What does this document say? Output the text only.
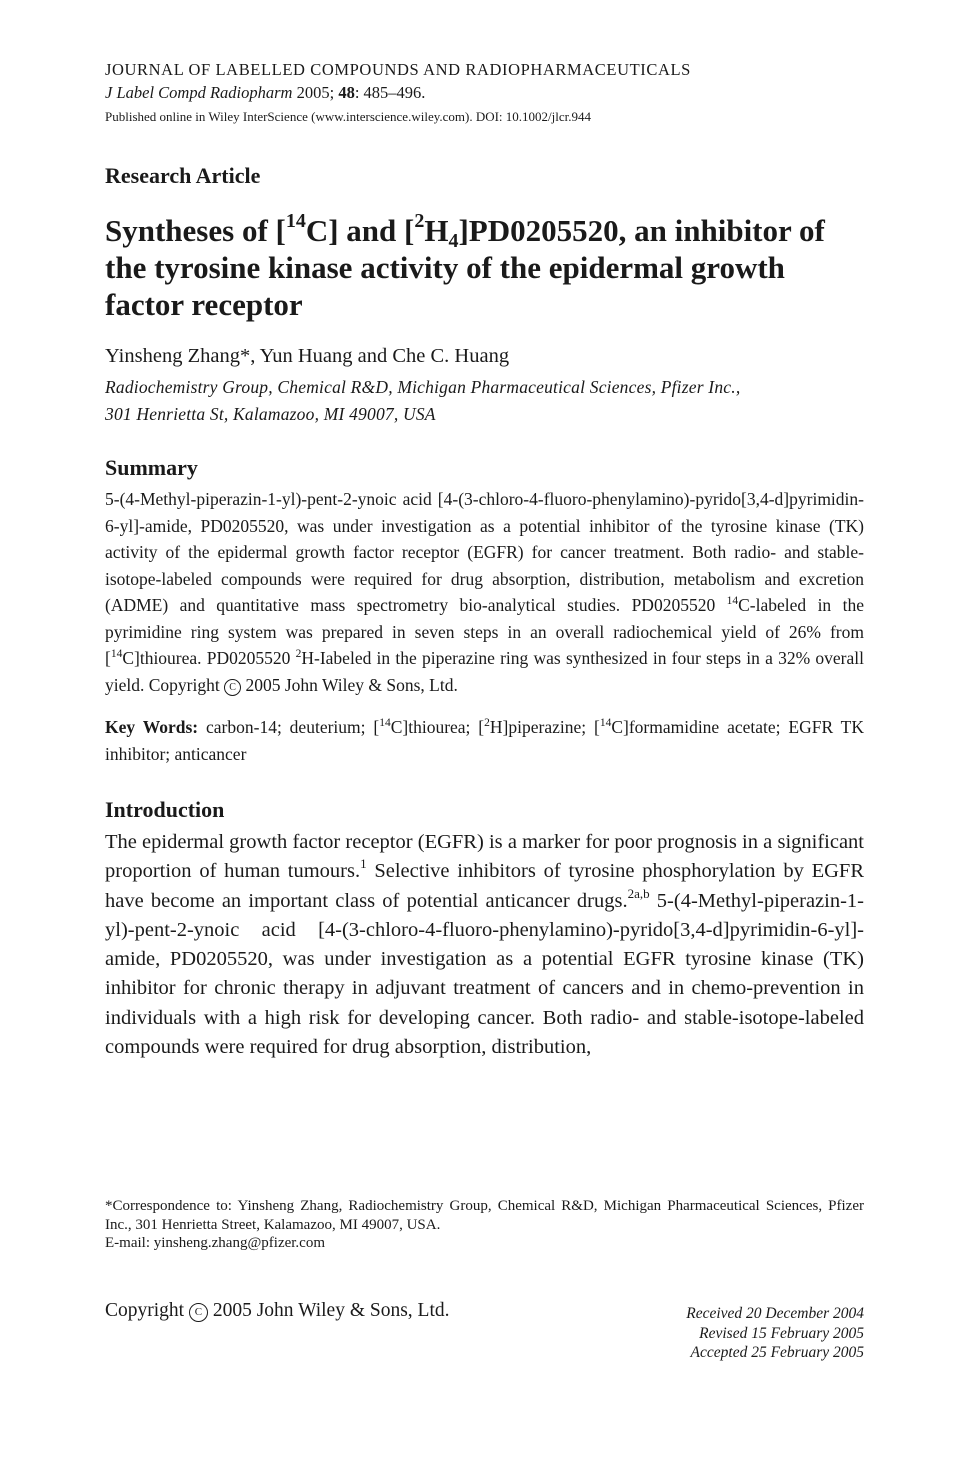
JOURNAL OF LABELLED COMPOUNDS AND RADIOPHARMACEUTICALS
J Label Compd Radiopharm 2005; 48: 485–496.
Published online in Wiley InterScience (www.interscience.wiley.com). DOI: 10.1002/jlcr.944
Research Article
Syntheses of [$^{14}$C] and $[^2H_4]PD0205520$, an inhibitor of the tyrosine kinase activity of the epidermal growth factor receptor
Yinsheng Zhang*, Yun Huang and Che C. Huang
Radiochemistry Group, Chemical R&D, Michigan Pharmaceutical Sciences, Pfizer Inc.,
301 Henrietta St, Kalamazoo, MI 49007, USA
Summary

5-(4-Methyl-piperazin-1-yl)-pent-2-ynoic acid [4-(3-chloro-4-fluoro-phenylamino)-pyrido[3,4-d]pyrimidin-6-yl]-amide, PD0205520, was under investigation as a potential inhibitor of the tyrosine kinase (TK) activity of the epidermal growth factor receptor (EGFR) for cancer treatment. Both radio- and stable-isotope-labeled compounds were required for drug absorption, distribution, metabolism and excretion (ADME) and quantitative mass spectrometry bio-analytical studies. PD0205520 $^{14}$C-labeled in the pyrimidine ring system was prepared in seven steps in an overall radiochemical yield of 26% from [$^{14}$C]thiourea. PD0205520 $^2$H-Iabeled in the piperazine ring was synthesized in four steps in a 32% overall yield. Copyright C 2005 John Wiley & Sons, Ltd.

Key Words: carbon-14; deuterium; [$^{14}$C]thiourea; [$^2$H]piperazine; [$^{14}$C]formamidine acetate; EGFR TK inhibitor; anticancer
Introduction

The epidermal growth factor receptor (EGFR) is a marker for poor prognosis in a significant proportion of human tumours.$^1$ Selective inhibitors of tyrosine phosphorylation by EGFR have become an important class of potential anticancer drugs.$^{2a,b}$ 5-(4-Methyl-piperazin-1-yl)-pent-2-ynoic acid [4-(3-chloro-4-fluoro-phenylamino)-pyrido[3,4-d]pyrimidin-6-yl]-amide, PD0205520, was under investigation as a potential EGFR tyrosine kinase (TK) inhibitor for chronic therapy in adjuvant treatment of cancers and in chemo-prevention in individuals with a high risk for developing cancer. Both radio- and stable-isotope-labeled compounds were required for drug absorption, distribution,

*Correspondence to: Yinsheng Zhang, Radiochemistry Group, Chemical R&D, Michigan Pharmaceutical Sciences, Pfizer Inc., 301 Henrietta Street, Kalamazoo, MI 49007, USA.
E-mail: yinsheng.zhang@pfizer.com
Copyright C 2005 John Wiley & Sons, Ltd.	Received 20 December 2004
Revised 15 February 2005
Accepted 25 February 2005
